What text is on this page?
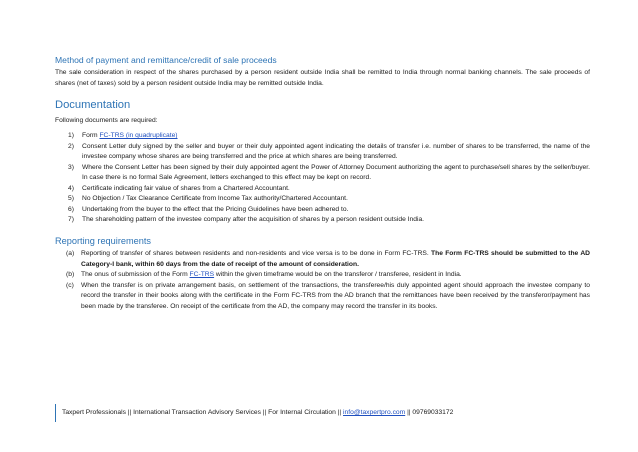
Method of payment and remittance/credit of sale proceeds
The sale consideration in respect of the shares purchased by a person resident outside India shall be remitted to India through normal banking channels. The sale proceeds of shares (net of taxes) sold by a person resident outside India may be remitted outside India.
Documentation
Following documents are required:
1) Form FC-TRS (in quadruplicate)
2) Consent Letter duly signed by the seller and buyer or their duly appointed agent indicating the details of transfer i.e. number of shares to be transferred, the name of the investee company whose shares are being transferred and the price at which shares are being transferred.
3) Where the Consent Letter has been signed by their duly appointed agent the Power of Attorney Document authorizing the agent to purchase/sell shares by the seller/buyer. In case there is no formal Sale Agreement, letters exchanged to this effect may be kept on record.
4) Certificate indicating fair value of shares from a Chartered Accountant.
5) No Objection / Tax Clearance Certificate from Income Tax authority/Chartered Accountant.
6) Undertaking from the buyer to the effect that the Pricing Guidelines have been adhered to.
7) The shareholding pattern of the investee company after the acquisition of shares by a person resident outside India.
Reporting requirements
(a) Reporting of transfer of shares between residents and non-residents and vice versa is to be done in Form FC-TRS. The Form FC-TRS should be submitted to the AD Category-I bank, within 60 days from the date of receipt of the amount of consideration.
(b) The onus of submission of the Form FC-TRS within the given timeframe would be on the transferor / transferee, resident in India.
(c) When the transfer is on private arrangement basis, on settlement of the transactions, the transferee/his duly appointed agent should approach the investee company to record the transfer in their books along with the certificate in the Form FC-TRS from the AD branch that the remittances have been received by the transferor/payment has been made by the transferee. On receipt of the certificate from the AD, the company may record the transfer in its books.
Taxpert Professionals || International Transaction Advisory Services || For Internal Circulation || info@taxpertpro.com || 09769033172
